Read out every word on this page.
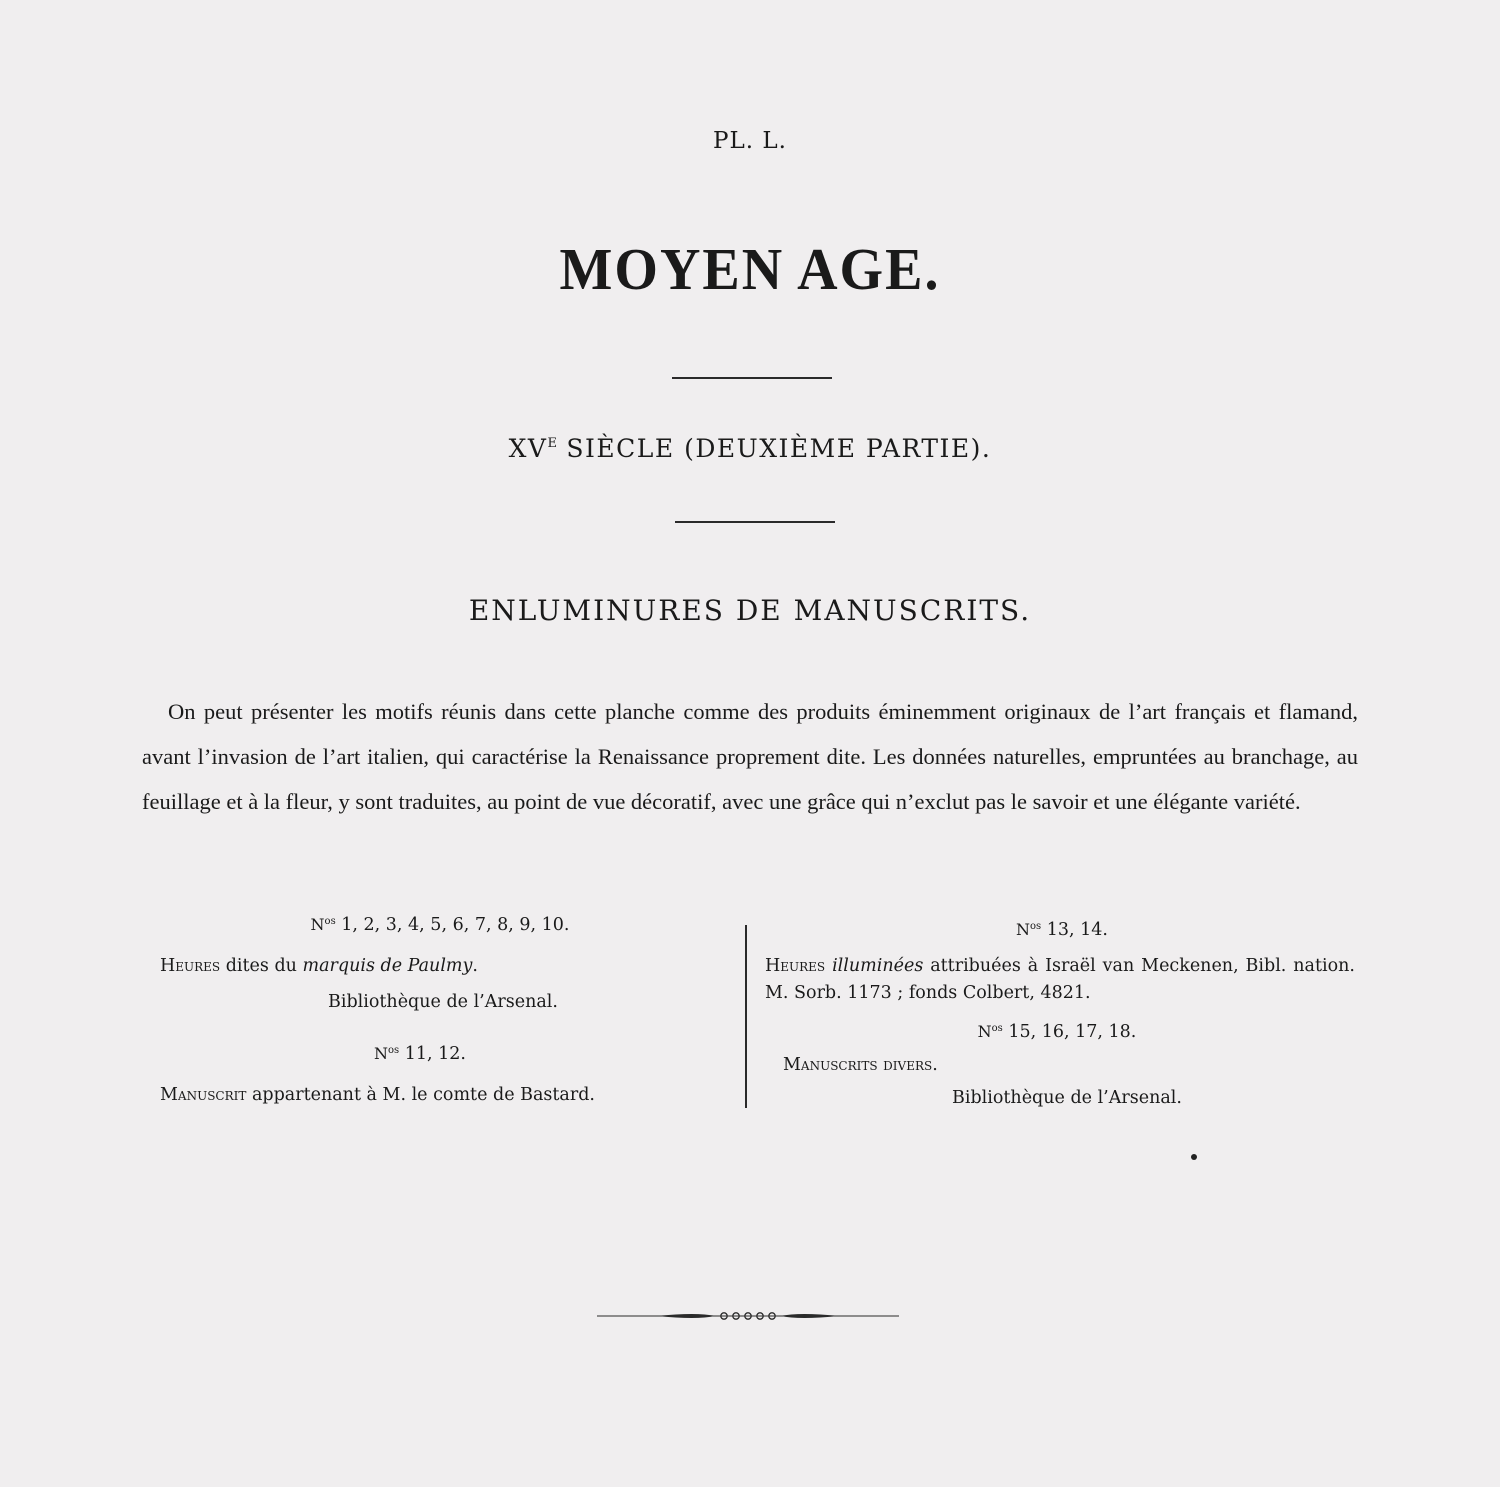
PL. L.
MOYEN AGE.
$XV^E$ SIÈCLE (DEUXIÈME PARTIE).
ENLUMINURES DE MANUSCRITS.
On peut présenter les motifs réunis dans cette planche comme des produits éminemment originaux de l’art français et flamand, avant l’invasion de l’art italien, qui caractérise la Renaissance proprement dite. Les données naturelles, empruntées au branchage, au feuillage et à la fleur, y sont traduites, au point de vue décoratif, avec une grâce qui n’exclut pas le savoir et une élégante variété.
$N^{os}$ 1, 2, 3, 4, 5, 6, 7, 8, 9, 10.
Heures dites du marquis de Paulmy.
Bibliothèque de l’Arsenal.
$N^{os}$ 11, 12.
Manuscrit appartenant à M. le comte de Bastard.
$N^{os}$ 13, 14.
Heures illuminées attribuées à Israël van Meckenen, Bibl. nation. M. Sorb. 1173 ; fonds Colbert, 4821.
$N^{os}$ 15, 16, 17, 18.
Manuscrits divers.
Bibliothèque de l’Arsenal.
